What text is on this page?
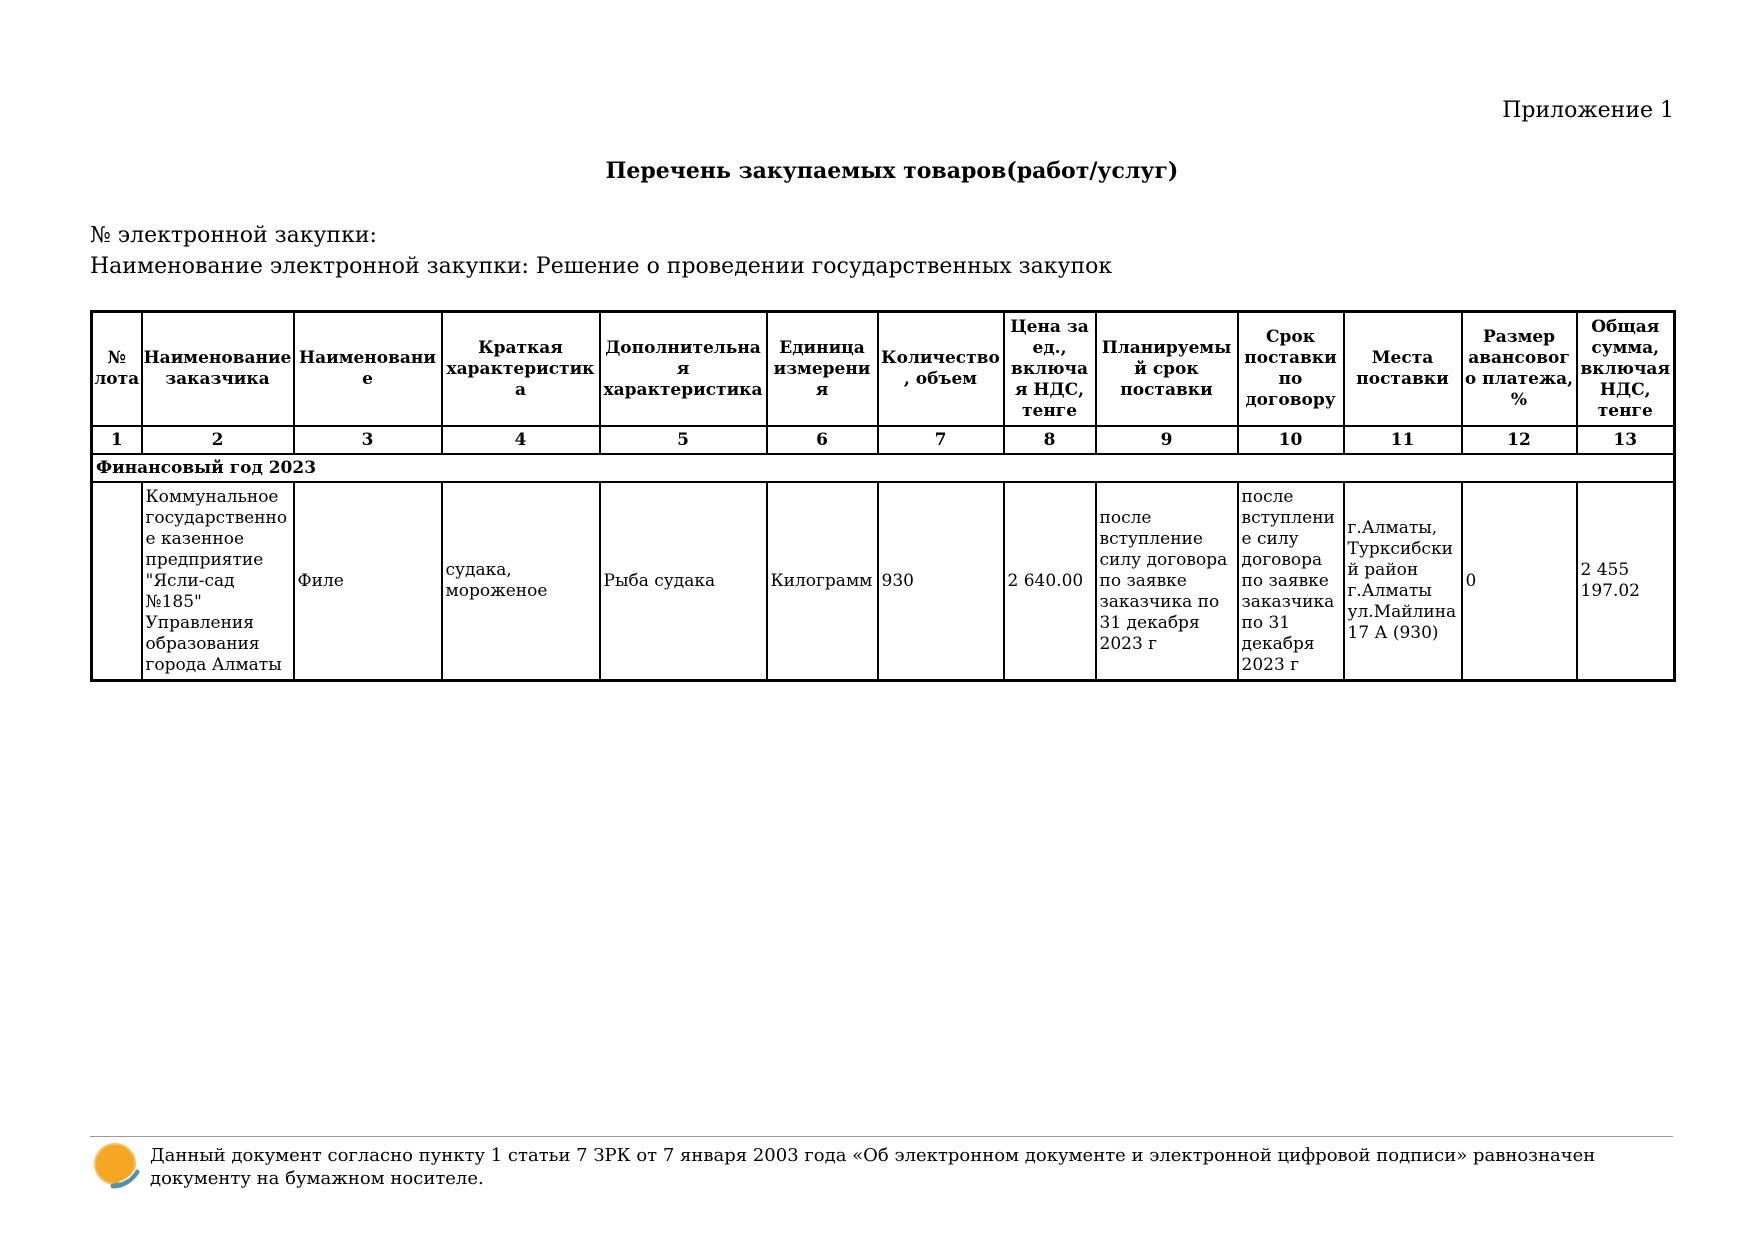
Приложение 1
Перечень закупаемых товаров(работ/услуг)
№ электронной закупки:
Наименование электронной закупки: Решение о проведении государственных закупок
№ лота	Наименование заказчика	Наименование	Краткая характеристика	Дополнительная характеристика	Единица измерения	Количество, объем	Цена за ед., включая НДС, тенге	Планируемый срок поставки	Срок поставки по договору	Места поставки	Размер авансового платежа, %	Общая сумма, включая НДС, тенге
1	2	3	4	5	6	7	8	9	10	11	12	13
Финансовый год 2023												
	Коммунальное государственное казенное предприятие "Ясли-сад №185" Управления образования города Алматы	Филе	судака, мороженое	Рыба судака	Килограмм	930	2 640.00	после вступление силу договора по заявке заказчика по 31 декабря 2023 г	после вступление силу договора по заявке заказчика по 31 декабря 2023 г	г.Алматы, Турксибский район г.Алматы ул.Майлина 17 А (930)	0	2 455 197.02
Данный документ согласно пункту 1 статьи 7 ЗРК от 7 января 2003 года «Об электронном документе и электронной цифровой подписи» равнозначен документу на бумажном носителе.
